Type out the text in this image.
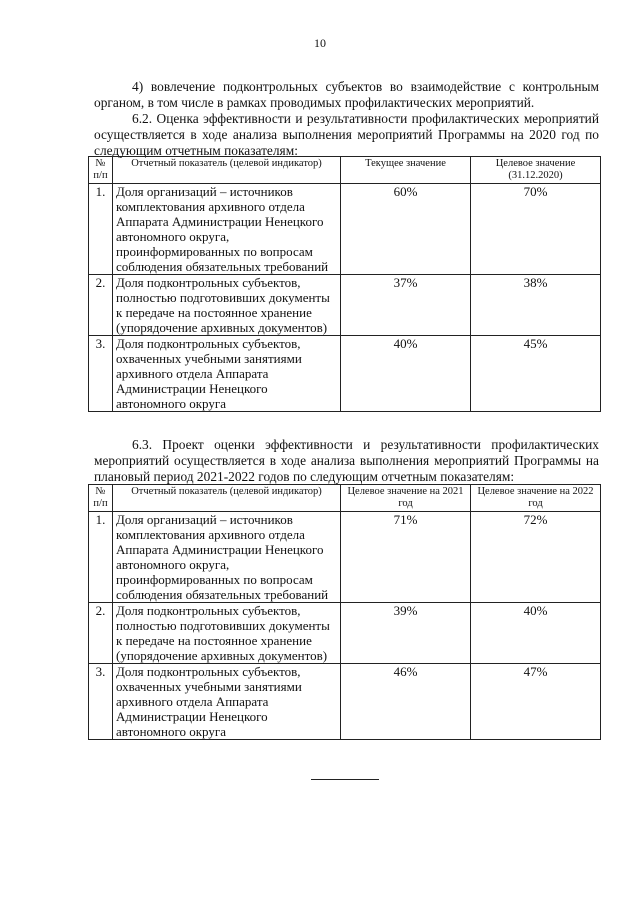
10

4) вовлечение подконтрольных субъектов во взаимодействие с контрольным органом, в том числе в рамках проводимых профилактических мероприятий.

6.2. Оценка эффективности и результативности профилактических мероприятий осуществляется в ходе анализа выполнения мероприятий Программы на 2020 год по следующим отчетным показателям:

№ п/п	Отчетный показатель (целевой индикатор)	Текущее значение	Целевое значение (31.12.2020)
1.	Доля организаций – источников комплектования архивного отдела Аппарата Администрации Ненецкого автономного округа, проинформированных по вопросам соблюдения обязательных требований	60%	70%
2.	Доля подконтрольных субъектов, полностью подготовивших документы к передаче на постоянное хранение (упорядочение архивных документов)	37%	38%
3.	Доля подконтрольных субъектов, охваченных учебными занятиями архивного отдела Аппарата Администрации Ненецкого автономного округа	40%	45%

6.3. Проект оценки эффективности и результативности профилактических мероприятий осуществляется в ходе анализа выполнения мероприятий Программы на плановый период 2021-2022 годов по следующим отчетным показателям:

№ п/п	Отчетный показатель (целевой индикатор)	Целевое значение на 2021 год	Целевое значение на 2022 год
1.	Доля организаций – источников комплектования архивного отдела Аппарата Администрации Ненецкого автономного округа, проинформированных по вопросам соблюдения обязательных требований	71%	72%
2.	Доля подконтрольных субъектов, полностью подготовивших документы к передаче на постоянное хранение (упорядочение архивных документов)	39%	40%
3.	Доля подконтрольных субъектов, охваченных учебными занятиями архивного отдела Аппарата Администрации Ненецкого автономного округа	46%	47%
